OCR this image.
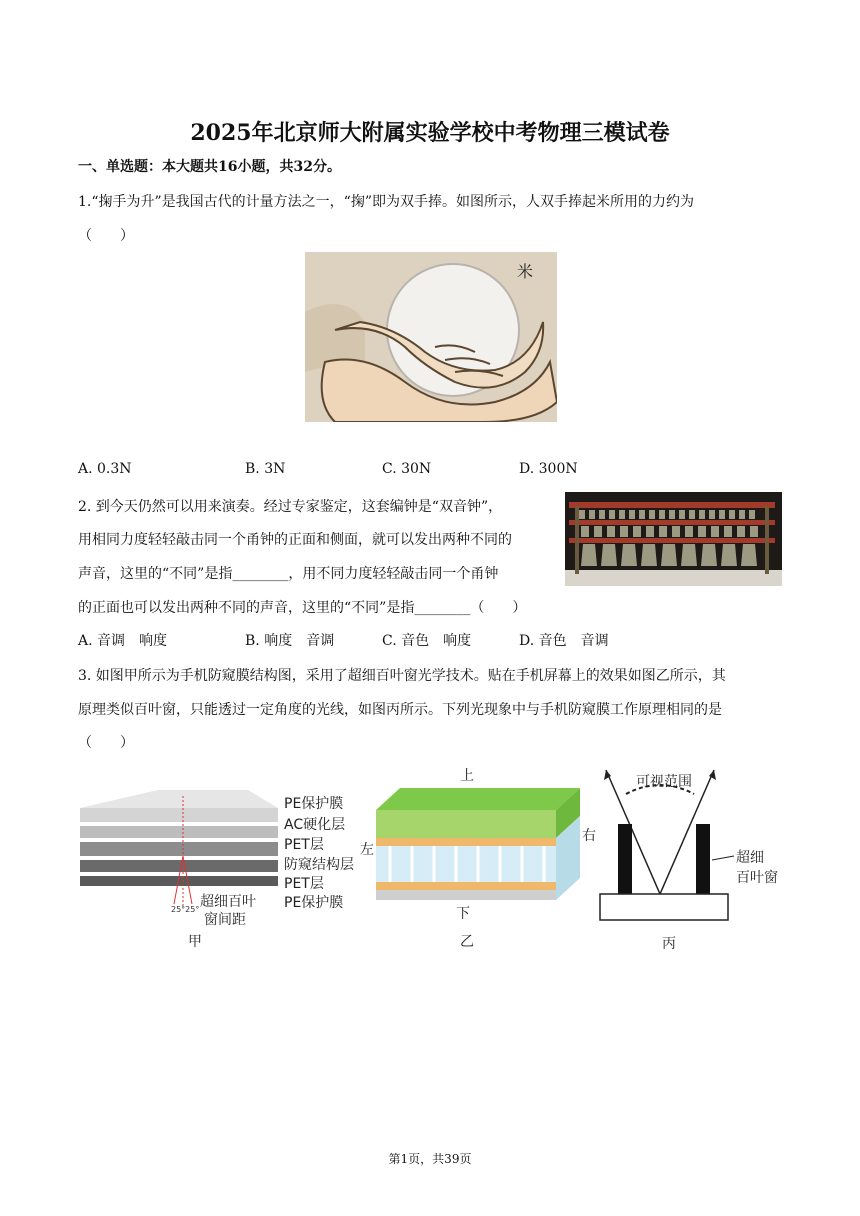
2025年北京师大附属实验学校中考物理三模试卷
一、单选题：本大题共16小题，共32分。
1.“掬手为升”是我国古代的计量方法之一，“掬”即为双手捧。如图所示，人双手捧起米所用的力约为
（　　）
米
A. 0.3N	B. 3N	C. 30N	D. 300N
2. 到今天仍然可以用来演奏。经过专家鉴定，这套编钟是“双音钟”，
用相同力度轻轻敲击同一个甬钟的正面和侧面，就可以发出两种不同的
声音，这里的“不同”是指________，用不同力度轻轻敲击同一个甬钟
的正面也可以发出两种不同的声音，这里的“不同”是指________（　　）
A. 音调　响度	B. 响度　音调	C. 音色　响度	D. 音色　音调
3. 如图甲所示为手机防窥膜结构图，采用了超细百叶窗光学技术。贴在手机屏幕上的效果如图乙所示，其
原理类似百叶窗，只能透过一定角度的光线，如图丙所示。下列光现象中与手机防窥膜工作原理相同的是
（　　）
25°25°
PE保护膜
AC硬化层
PET层
防窥结构层
PET层
PE保护膜
超细百叶
窗间距
甲
上
左
右
下
乙
可视范围
超细
百叶窗
丙
第1页，共39页
